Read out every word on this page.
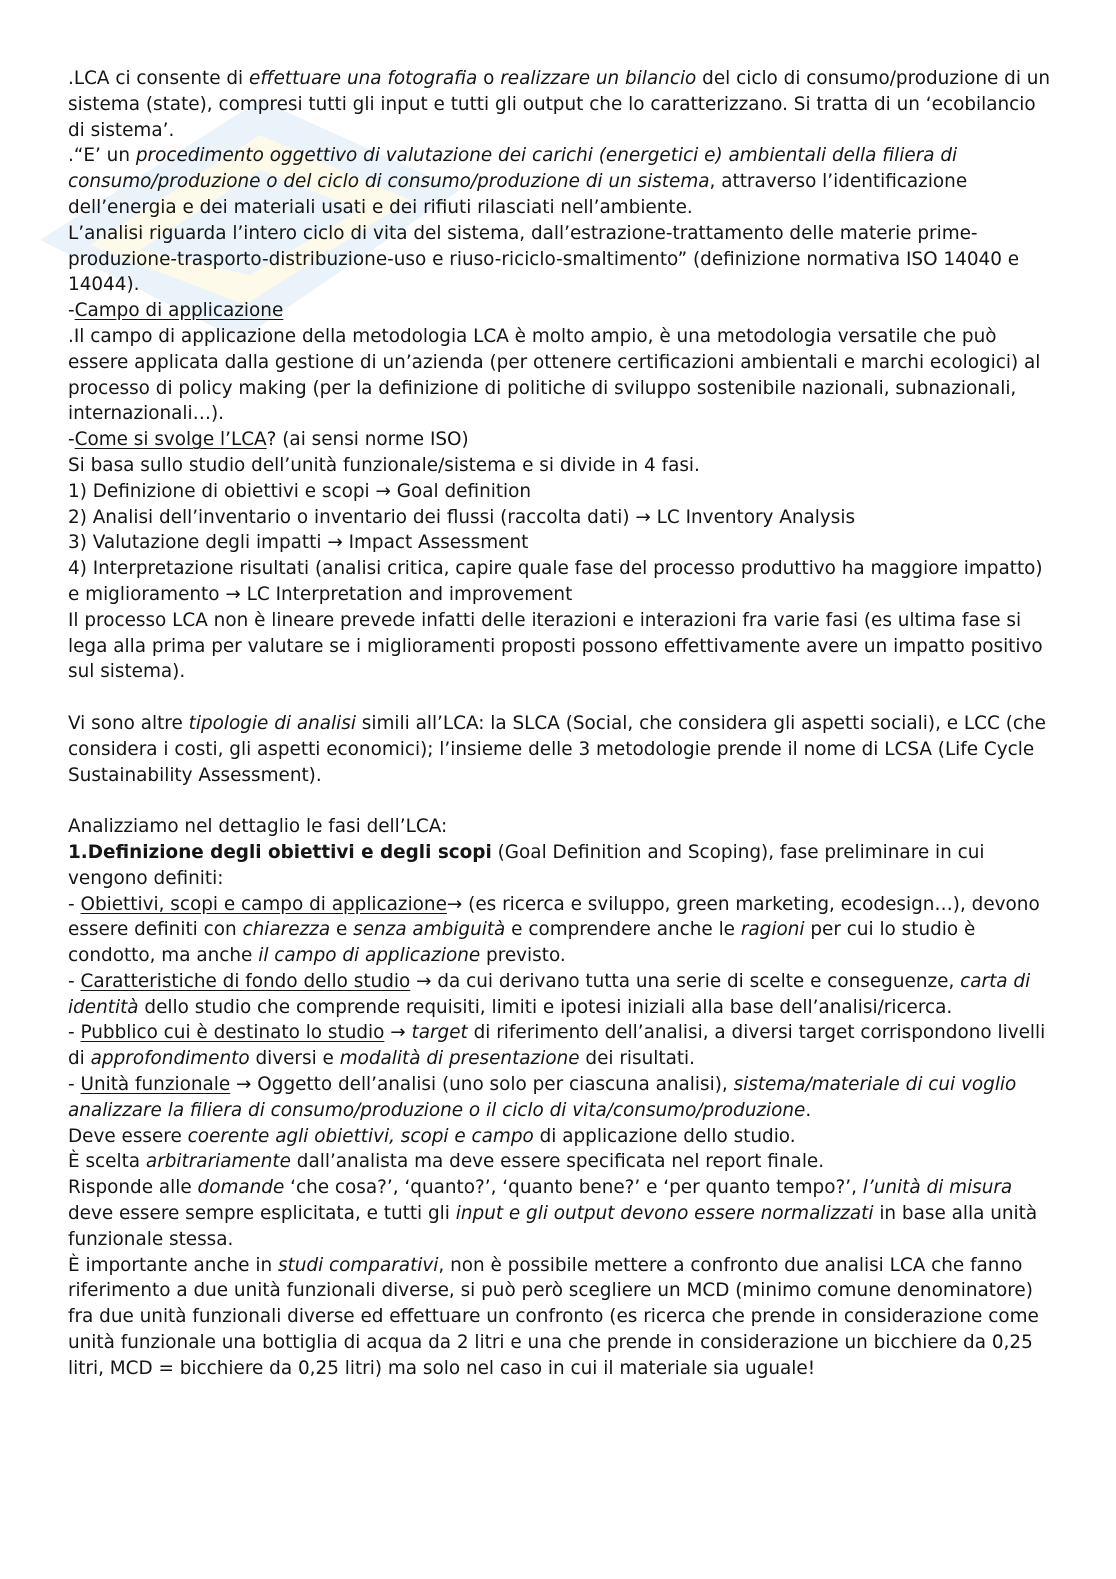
.LCA ci consente di effettuare una fotografia o realizzare un bilancio del ciclo di consumo/produzione di un sistema (state), compresi tutti gli input e tutti gli output che lo caratterizzano. Si tratta di un ‘ecobilancio di sistema’.

.“E’ un procedimento oggettivo di valutazione dei carichi (energetici e) ambientali della filiera di consumo/produzione o del ciclo di consumo/produzione di un sistema, attraverso l’identificazione dell’energia e dei materiali usati e dei rifiuti rilasciati nell’ambiente.

L’analisi riguarda l’intero ciclo di vita del sistema, dall’estrazione-trattamento delle materie prime-produzione-trasporto-distribuzione-uso e riuso-riciclo-smaltimento” (definizione normativa ISO 14040 e 14044).

-Campo di applicazione

.Il campo di applicazione della metodologia LCA è molto ampio, è una metodologia versatile che può essere applicata dalla gestione di un’azienda (per ottenere certificazioni ambientali e marchi ecologici) al processo di policy making (per la definizione di politiche di sviluppo sostenibile nazionali, subnazionali, internazionali…).

-Come si svolge l’LCA? (ai sensi norme ISO)

Si basa sullo studio dell’unità funzionale/sistema e si divide in 4 fasi.

1) Definizione di obiettivi e scopi → Goal definition

2) Analisi dell’inventario o inventario dei flussi (raccolta dati) → LC Inventory Analysis

3) Valutazione degli impatti → Impact Assessment

4) Interpretazione risultati (analisi critica, capire quale fase del processo produttivo ha maggiore impatto) e miglioramento → LC Interpretation and improvement

Il processo LCA non è lineare prevede infatti delle iterazioni e interazioni fra varie fasi (es ultima fase si lega alla prima per valutare se i miglioramenti proposti possono effettivamente avere un impatto positivo sul sistema).

Vi sono altre tipologie di analisi simili all’LCA: la SLCA (Social, che considera gli aspetti sociali), e LCC (che considera i costi, gli aspetti economici); l’insieme delle 3 metodologie prende il nome di LCSA (Life Cycle Sustainability Assessment).

Analizziamo nel dettaglio le fasi dell’LCA:

1.Definizione degli obiettivi e degli scopi (Goal Definition and Scoping), fase preliminare in cui vengono definiti:

- Obiettivi, scopi e campo di applicazione→ (es ricerca e sviluppo, green marketing, ecodesign…), devono essere definiti con chiarezza e senza ambiguità e comprendere anche le ragioni per cui lo studio è condotto, ma anche il campo di applicazione previsto.

- Caratteristiche di fondo dello studio → da cui derivano tutta una serie di scelte e conseguenze, carta di identità dello studio che comprende requisiti, limiti e ipotesi iniziali alla base dell’analisi/ricerca.

- Pubblico cui è destinato lo studio → target di riferimento dell’analisi, a diversi target corrispondono livelli di approfondimento diversi e modalità di presentazione dei risultati.

- Unità funzionale → Oggetto dell’analisi (uno solo per ciascuna analisi), sistema/materiale di cui voglio analizzare la filiera di consumo/produzione o il ciclo di vita/consumo/produzione.

Deve essere coerente agli obiettivi, scopi e campo di applicazione dello studio.

È scelta arbitrariamente dall’analista ma deve essere specificata nel report finale.

Risponde alle domande ‘che cosa?’, ‘quanto?’, ‘quanto bene?’ e ‘per quanto tempo?’, l’unità di misura deve essere sempre esplicitata, e tutti gli input e gli output devono essere normalizzati in base alla unità funzionale stessa.

È importante anche in studi comparativi, non è possibile mettere a confronto due analisi LCA che fanno riferimento a due unità funzionali diverse, si può però scegliere un MCD (minimo comune denominatore) fra due unità funzionali diverse ed effettuare un confronto (es ricerca che prende in considerazione come unità funzionale una bottiglia di acqua da 2 litri e una che prende in considerazione un bicchiere da 0,25 litri, MCD = bicchiere da 0,25 litri) ma solo nel caso in cui il materiale sia uguale!
